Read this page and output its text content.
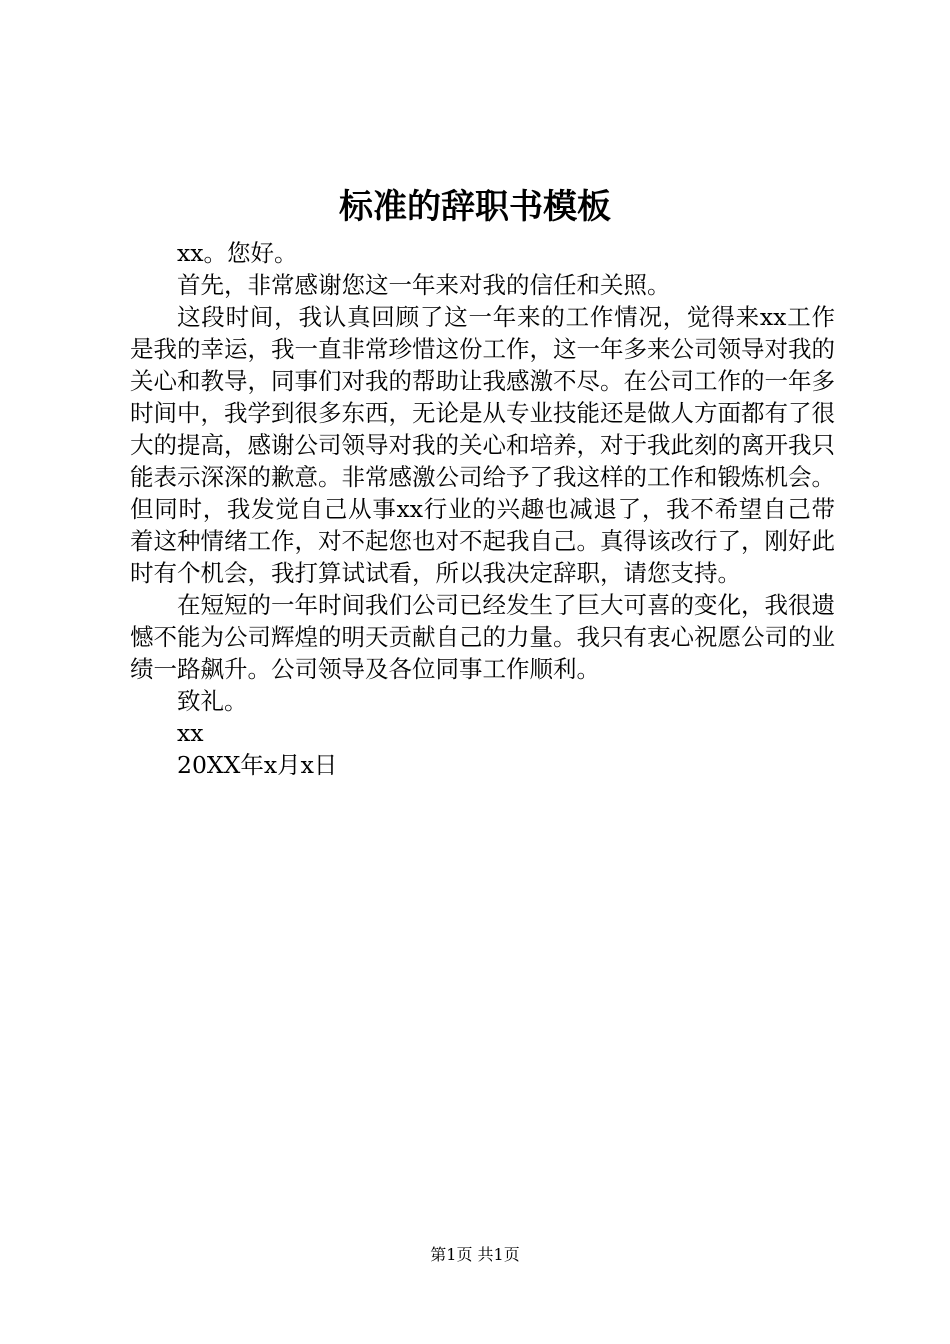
标准的辞职书模板

xx。您好。

首先，非常感谢您这一年来对我的信任和关照。

这段时间，我认真回顾了这一年来的工作情况，觉得来xx工作是我的幸运，我一直非常珍惜这份工作，这一年多来公司领导对我的关心和教导，同事们对我的帮助让我感激不尽。在公司工作的一年多时间中，我学到很多东西，无论是从专业技能还是做人方面都有了很大的提高，感谢公司领导对我的关心和培养，对于我此刻的离开我只能表示深深的歉意。非常感激公司给予了我这样的工作和锻炼机会。但同时，我发觉自己从事xx行业的兴趣也减退了，我不希望自己带着这种情绪工作，对不起您也对不起我自己。真得该改行了，刚好此时有个机会，我打算试试看，所以我决定辞职，请您支持。

在短短的一年时间我们公司已经发生了巨大可喜的变化，我很遗憾不能为公司辉煌的明天贡献自己的力量。我只有衷心祝愿公司的业绩一路飙升。公司领导及各位同事工作顺利。

致礼。

xx

20XX年x月x日

第1页 共1页
